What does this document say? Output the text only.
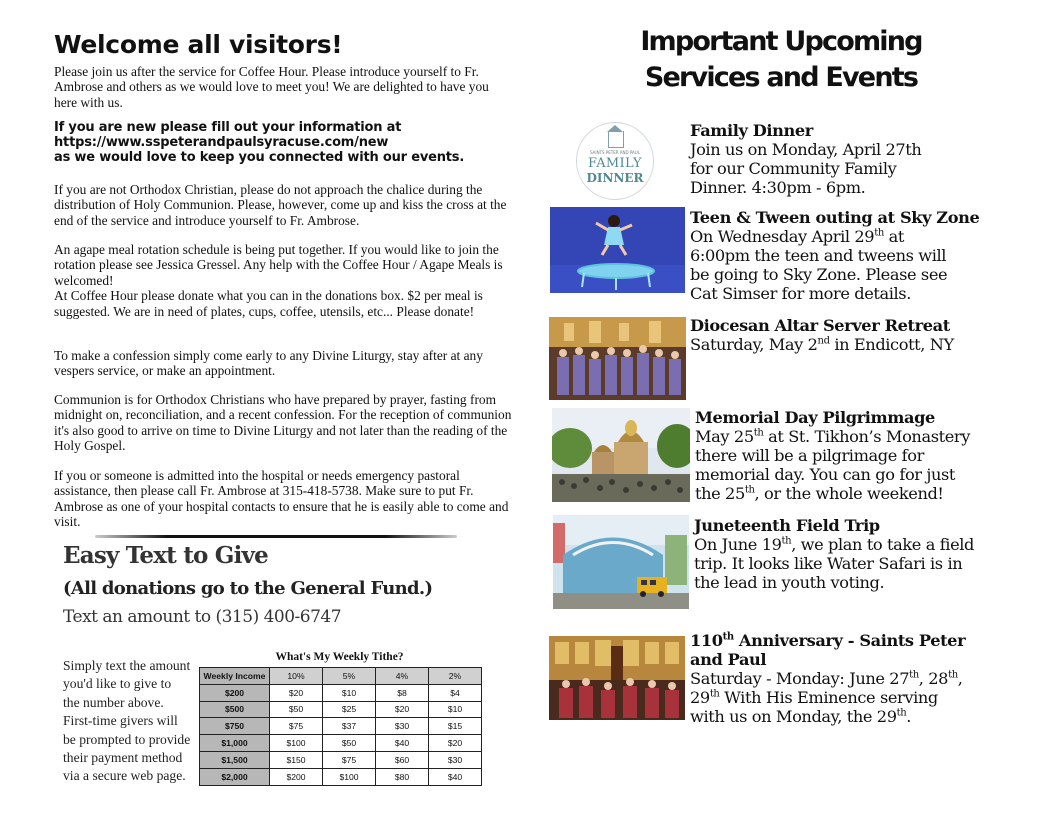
Welcome all visitors!

Please join us after the service for Coffee Hour. Please introduce yourself to Fr. Ambrose and others as we would love to meet you! We are delighted to have you here with us.

If you are new please fill out your information at
https://www.sspeterandpaulsyracuse.com/new
as we would love to keep you connected with our events.

If you are not Orthodox Christian, please do not approach the chalice during the distribution of Holy Communion. Please, however, come up and kiss the cross at the end of the service and introduce yourself to Fr. Ambrose.

An agape meal rotation schedule is being put together. If you would like to join the rotation please see Jessica Gressel. Any help with the Coffee Hour / Agape Meals is welcomed!

At Coffee Hour please donate what you can in the donations box. $2 per meal is suggested. We are in need of plates, cups, coffee, utensils, etc... Please donate!

To make a confession simply come early to any Divine Liturgy, stay after at any vespers service, or make an appointment.

Communion is for Orthodox Christians who have prepared by prayer, fasting from midnight on, reconciliation, and a recent confession. For the reception of communion it's also good to arrive on time to Divine Liturgy and not later than the reading of the Holy Gospel.

If you or someone is admitted into the hospital or needs emergency pastoral assistance, then please call Fr. Ambrose at 315-418-5738. Make sure to put Fr. Ambrose as one of your hospital contacts to ensure that he is easily able to come and visit.

Easy Text to Give
(All donations go to the General Fund.)
Text an amount to (315) 400-6747
Simply text the amount you'd like to give to the number above. First-time givers will be prompted to provide their payment method via a secure web page.
What's My Weekly Tithe?
Weekly Income	10%	5%	4%	2%
$200	$20	$10	$8	$4
$500	$50	$25	$20	$10
$750	$75	$37	$30	$15
$1,000	$100	$50	$40	$20
$1,500	$150	$75	$60	$30
$2,000	$200	$100	$80	$40
Important Upcoming
Services and Events
SAINTS PETER AND PAUL
FAMILY
DINNER
Family Dinner
Join us on Monday, April 27th
for our Community Family
Dinner. 4:30pm - 6pm.
Teen & Tween outing at Sky Zone
On Wednesday April 29th at
6:00pm the teen and tweens will
be going to Sky Zone. Please see
Cat Simser for more details.
Diocesan Altar Server Retreat
Saturday, May 2nd in Endicott, NY
Memorial Day Pilgrimmage
May 25th at St. Tikhon’s Monastery
there will be a pilgrimage for
memorial day. You can go for just
the 25th, or the whole weekend!
Juneteenth Field Trip
On June 19th, we plan to take a field
trip. It looks like Water Safari is in
the lead in youth voting.
110th Anniversary - Saints Peter
and Paul
Saturday - Monday: June 27th, 28th,
29th With His Eminence serving
with us on Monday, the 29th.
